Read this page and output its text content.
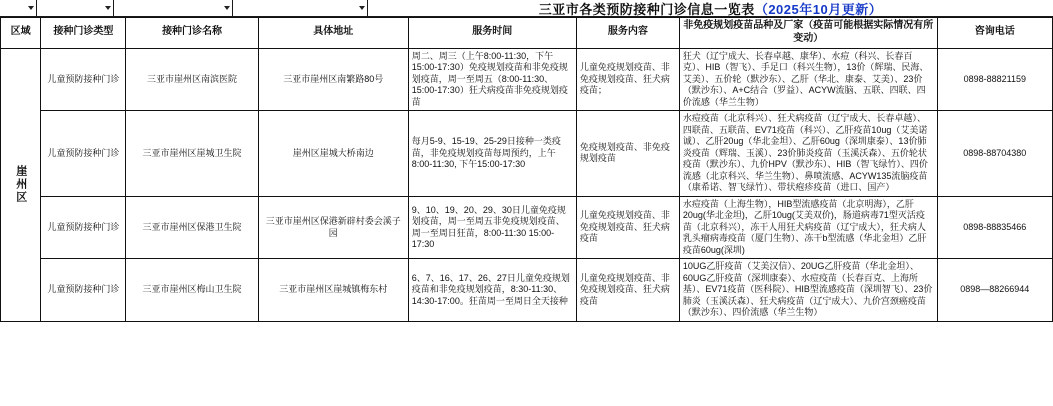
三亚市各类预防接种门诊信息一览表 （2025年10月更新）
区域	接种门诊类型	接种门诊名称	具体地址	服务时间	服务内容	非免疫规划疫苗品种及厂家（疫苗可能根据实际情况有所变动）	咨询电话

崖州区	儿童预防接种门诊	三亚市崖州区南滨医院	三亚市崖州区南繁路80号	周二、周三（上午8:00-11:30，下午15:00-17:30）免疫规划疫苗和非免疫规划疫苗，周一至周五（8:00-11:30、15:00-17:30）狂犬病疫苗非免疫规划疫苗	儿童免疫规划疫苗、非免疫规划疫苗、狂犬病疫苗；	狂犬（辽宁成大、长春卓越、康华）、水痘（科兴、长春百克）、HIB（智飞）、手足口（科兴生物），13价（辉瑞、民海、艾美）、五价轮（默沙东）、乙肝（华北、康泰、艾美）、23价（默沙东）、A+C结合（罗益）、ACYW流脑、五联、四联、四价流感（华兰生物）	0898-88821159
	儿童预防接种门诊	三亚市崖州区崖城卫生院	崖州区崖城大桥南边	每月5-9、15-19、25-29日接种一类疫苗，非免疫规划疫苗每周预约，上午8:00-11:30, 下午15:00-17:30	免疫规划疫苗、非免疫规划疫苗	水痘疫苗（北京科兴）、狂犬病疫苗（辽宁成大、长春卓越）、四联苗、五联苗、EV71疫苗（科兴）、乙肝疫苗10ug（艾美诺诚）、乙肝20ug（华北金坦）、乙肝60ug（深圳康泰）、13价肺炎疫苗（辉瑞、玉溪）、23价肺炎疫苗（玉溪沃森）、五价轮状疫苗（默沙东）、九价HPV（默沙东）、HIB（智飞绿竹）、四价流感（北京科兴、华兰生物）、鼻喷流感、ACYW135流脑疫苗（康希诺、智飞绿竹）、带状疱疹疫苗（进口、国产）	0898-88704380
	儿童预防接种门诊	三亚市崖州区保港卫生院	三亚市崖州区保港新辟村委会溪子园	9、10、19、20、29、30日儿童免疫规划疫苗，周一至周五非免疫规划疫苗、周一至周日狂苗，8:00-11:30 15:00-17:30	儿童免疫规划疫苗、非免疫规划疫苗、狂犬病疫苗	水痘疫苗（上海生物），HIB型流感疫苗（北京明海），乙肝20ug(华北金坦)，乙肝10ug(艾美双价)，肠道病毒71型灭活疫苗（北京科兴），冻干人用狂犬病疫苗（辽宁成大），狂犬病人乳头瘤病毒疫苗（厦门生物）、冻干b型流感（华北金坦）乙肝疫苗60ug(深圳)	0898-88835466
	儿童预防接种门诊	三亚市崖州区梅山卫生院	三亚市崖州区崖城镇梅东村	6、7、16、17、26、27日儿童免疫规划疫苗和非免疫规划疫苗，8:30-11:30、14:30-17:00。狂苗周一至周日全天接种	儿童免疫规划疫苗、非免疫规划疫苗、狂犬病疫苗	10UG乙肝疫苗（艾美汉信）、20UG乙肝疫苗（华北金坦）、60UG乙肝疫苗（深圳康泰）、水痘疫苗（长春百克、上海所基）、EV71疫苗（医科院）、HIB型流感疫苗（深圳智飞）、23价肺炎（玉溪沃森）、狂犬病疫苗（辽宁成大）、九价宫颈癌疫苗（默沙东）、四价流感（华兰生物）	0898—88266944
